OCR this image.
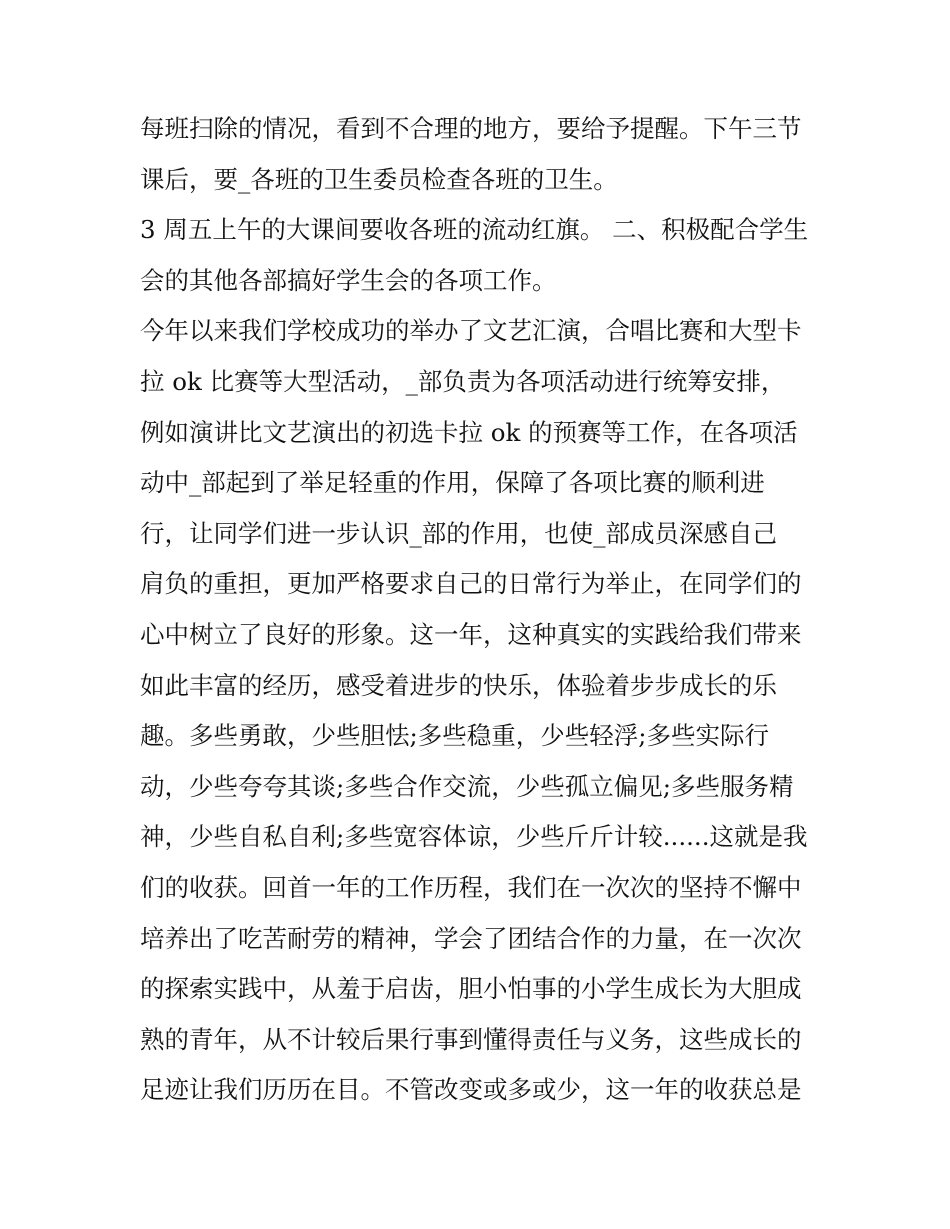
每班扫除的情况，看到不合理的地方，要给予提醒。下午三节
课后，要_各班的卫生委员检查各班的卫生。
3 周五上午的大课间要收各班的流动红旗。 二、积极配合学生
会的其他各部搞好学生会的各项工作。
今年以来我们学校成功的举办了文艺汇演，合唱比赛和大型卡
拉 ok 比赛等大型活动，_部负责为各项活动进行统筹安排，
例如演讲比文艺演出的初选卡拉 ok 的预赛等工作，在各项活
动中_部起到了举足轻重的作用，保障了各项比赛的顺利进
行，让同学们进一步认识_部的作用，也使_部成员深感自己
肩负的重担，更加严格要求自己的日常行为举止，在同学们的
心中树立了良好的形象。这一年，这种真实的实践给我们带来
如此丰富的经历，感受着进步的快乐，体验着步步成长的乐
趣。多些勇敢，少些胆怯;多些稳重，少些轻浮;多些实际行
动，少些夸夸其谈;多些合作交流，少些孤立偏见;多些服务精
神，少些自私自利;多些宽容体谅，少些斤斤计较......这就是我
们的收获。回首一年的工作历程，我们在一次次的坚持不懈中
培养出了吃苦耐劳的精神，学会了团结合作的力量，在一次次
的探索实践中，从羞于启齿，胆小怕事的小学生成长为大胆成
熟的青年，从不计较后果行事到懂得责任与义务，这些成长的
足迹让我们历历在目。不管改变或多或少，这一年的收获总是
